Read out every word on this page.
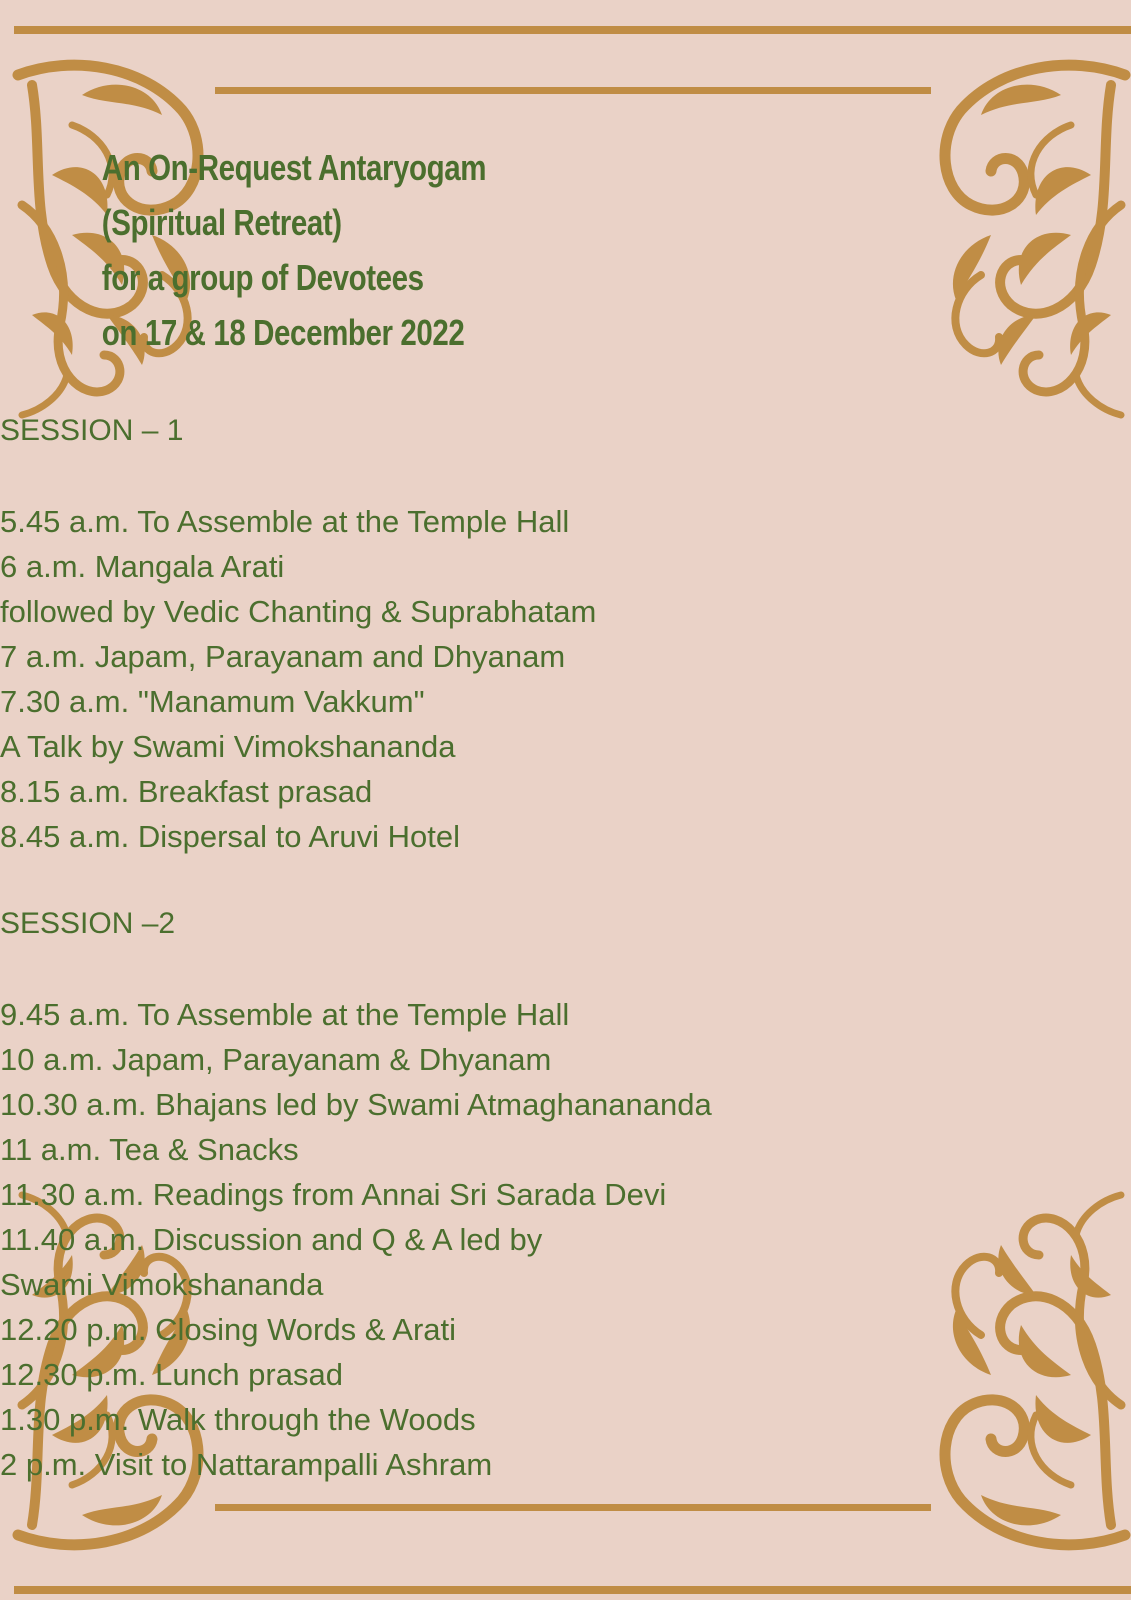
An On-Request Antaryogam
(Spiritual Retreat)
for a group of Devotees
on 17 & 18 December 2022
SESSION – 1
5.45 a.m. To Assemble at the Temple Hall
6 a.m. Mangala Arati
followed by Vedic Chanting & Suprabhatam
7 a.m. Japam, Parayanam and Dhyanam
7.30 a.m. "Manamum Vakkum"
A Talk by Swami Vimokshananda
8.15 a.m. Breakfast prasad
8.45 a.m. Dispersal to Aruvi Hotel
SESSION –2
9.45 a.m. To Assemble at the Temple Hall
10 a.m. Japam, Parayanam & Dhyanam
10.30 a.m. Bhajans led by Swami Atmaghanananda
11 a.m. Tea & Snacks
11.30 a.m. Readings from Annai Sri Sarada Devi
11.40 a.m. Discussion and Q & A led by
Swami Vimokshananda
12.20 p.m. Closing Words & Arati
12.30 p.m. Lunch prasad
1.30 p.m. Walk through the Woods
2 p.m. Visit to Nattarampalli Ashram
